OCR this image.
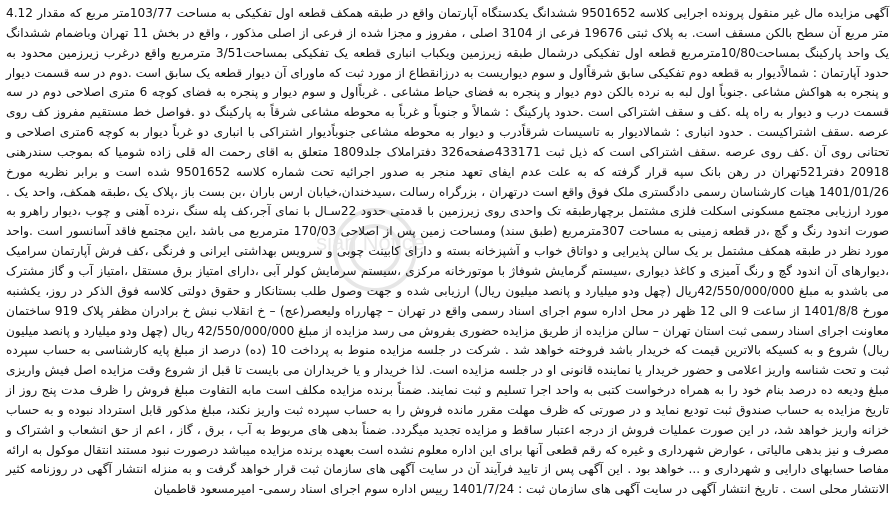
sian Notice
آگهی مزایده مال غیر منقول پرونده اجرایی کلاسه 9501652 ششدانگ یکدستگاه آپارتمان واقع در طبقه همکف قطعه اول تفکیکی به مساحت 103/77متر مربع که مقدار 4.12 متر مربع آن سطح بالکن مسقف است. به پلاک ثبتی 19676 فرعی از 3104 اصلی ، مفروز و مجزا شده از فرعی از اصلی مذکور ، واقع در بخش 11 تهران وباضمام ششدانگ یک واحد پارکینگ بمساحت10/80مترمربع قطعه اول تفکیکی درشمال طبقه زیرزمین ویکباب انباری قطعه یک تفکیکی بمساحت3/51 مترمربع واقع درغرب زیرزمین محدود به حدود آپارتمان : شمالاًدیوار به قطعه دوم تفکیکی سابق شرقاًاول و سوم دیواریست به درزانقطاع از مورد ثبت که ماورای آن دیوار قطعه یک سابق است .دوم در سه قسمت دیوار و پنجره به هواکش مشاعی .جنوباً اول لبه به نرده بالکن دوم دیوار و پنجره به فضای حیاط مشاعی . غرباًاول و سوم دیوار و پنجره به فضای کوچه 6 متری اصلاحی دوم در سه قسمت درب و دیوار به راه پله .کف و سقف اشتراکی است .حدود پارکینگ : شمالاً و جنوباً و غرباً به محوطه مشاعی شرقاً به پارکینگ دو .فواصل خط مستقیم مفروز کف روی عرصه .سقف اشتراکیست . حدود انباری : شمالادیوار به تاسیسات شرقاًدرب و دیوار به محوطه مشاعی جنوباًدیوار اشتراکی با انباری دو غرباً دیوار به کوچه 6متری اصلاحی و تحتانی روی آن .کف روی عرصه .سقف اشتراکی است که ذیل ثبت 433171صفحه326 دفتراملاک جلد1809 متعلق به اقای رحمت اله قلی زاده شومیا که بموجب سندرهنی 20918 دفتر521تهران در رهن بانک سپه قرار گرفته که به علت عدم ایفای تعهد منجر به صدور اجرائیه تحت شماره کلاسه 9501652 شده است و برابر نظریه مورخ 1401/01/26 هیات کارشناسان رسمی دادگستری ملک فوق واقع است درتهران ، بزرگراه رسالت ،سیدخندان،خیابان ارس باران ،بن بست باز ،پلاک یک ،طبقه همکف، واحد یک . مورد ارزیابی مجتمع مسکونی اسکلت فلزی مشتمل برچهارطبقه تک واحدی روی زیرزمین با قدمتی حدود 22سـال با نمای آجر،کف پله سنگ ،نرده آهنی و چوب ،دیوار راهرو به صورت اندود رنگ و گچ ،در قطعه زمینی به مساحت 307مترمربع (طبق سند) ومساحت زمین پس از اصلاحی 170/03 مترمربع می باشد ،این مجتمع فاقد آسانسور است .واحد مورد نظر در طبقه همکف مشتمل بر یک سالن پذیرایی و دواتاق خواب و آشپزخانه بسته و دارای کابینت چوبی و سرویس بهداشتی ایرانی و فرنگی ،کف فرش آپارتمان سرامیک ،دیوارهای آن اندود گچ و رنگ آمیزی و کاغذ دیواری ،سیستم گرمایش شوفاژ با موتورخانه مرکزی ،سیستم سرمایش کولر آبی ،دارای امتیاز برق مستقل ،امتیاز آب و گاز مشترک می باشدو به مبلغ 42/550/000/000ریال (چهل ودو میلیارد و پانصد میلیون ریال) ارزیابی شده و جهت وصول طلب بستانکار و حقوق دولتی کلاسه فوق الذکر در روز، یکشنبه مورخ 1401/8/8 از ساعت 9 الی 12 ظهر در محل اداره سوم اجرای اسناد رسمی واقع در تهران – چهارراه ولیعصر(عج) – خ انقلاب نبش خ برادران مظفر پلاک 919 ساختمان معاونت اجرای اسناد رسمی ثبت استان تهران – سالن مزایده از طریق مزایده حضوری بفروش می رسد مزایده از مبلغ 42/550/000/000 ریال (چهل ودو میلیارد و پانصد میلیون ریال) شروع و به کسیکه بالاترین قیمت که خریدار باشد فروخته خواهد شد . شرکت در جلسه مزایده منوط به پرداخت 10 (ده) درصد از مبلغ پایه کارشناسی به حساب سپرده ثبت و تحت شناسه واریز اعلامی و حضور خریدار یا نماینده قانونی او در جلسه مزایده است. لذا خریدار و یا خریداران می بایست تا قبل از شروع وقت مزایده اصل فیش واریزی مبلغ ودیعه ده درصد بنام خود را به همراه درخواست کتبی به واحد اجرا تسلیم و ثبت نمایند. ضمناً برنده مزایده مکلف است مابه التفاوت مبلغ فروش را ظرف مدت پنج روز از تاریخ مزایده به حساب صندوق ثبت تودیع نماید و در صورتی که ظرف مهلت مقرر مانده فروش را به حساب سپرده ثبت واریز نکند، مبلغ مذکور قابل استرداد نبوده و به حساب خزانه واریز خواهد شد، در این صورت عملیات فروش از درجه اعتبار ساقط و مزایده تجدید میگردد. ضمناً بدهی های مربوط به آب ، برق ، گاز ، اعم از حق انشعاب و اشتراک و مصرف و نیز بدهی مالیاتی ، عوارض شهرداری و غیره که رقم قطعی آنها برای این اداره معلوم نشده است بعهده برنده مزایده میباشد درصورت نبود مستند انتقال موکول به ارائه مفاصا حسابهای دارایی و شهرداری و ... خواهد بود . این آگهی پس از تایید فرآیند آن در سایت آگهی های سازمان ثبت قرار خواهد گرفت و به منزله انتشار آگهی در روزنامه کثیر الانتشار محلی است . تاریخ انتشار آگهی در سایت آگهی های سازمان ثبت : 1401/7/24 رییس اداره سوم اجرای اسناد رسمی- امیرمسعود قاطمیان
